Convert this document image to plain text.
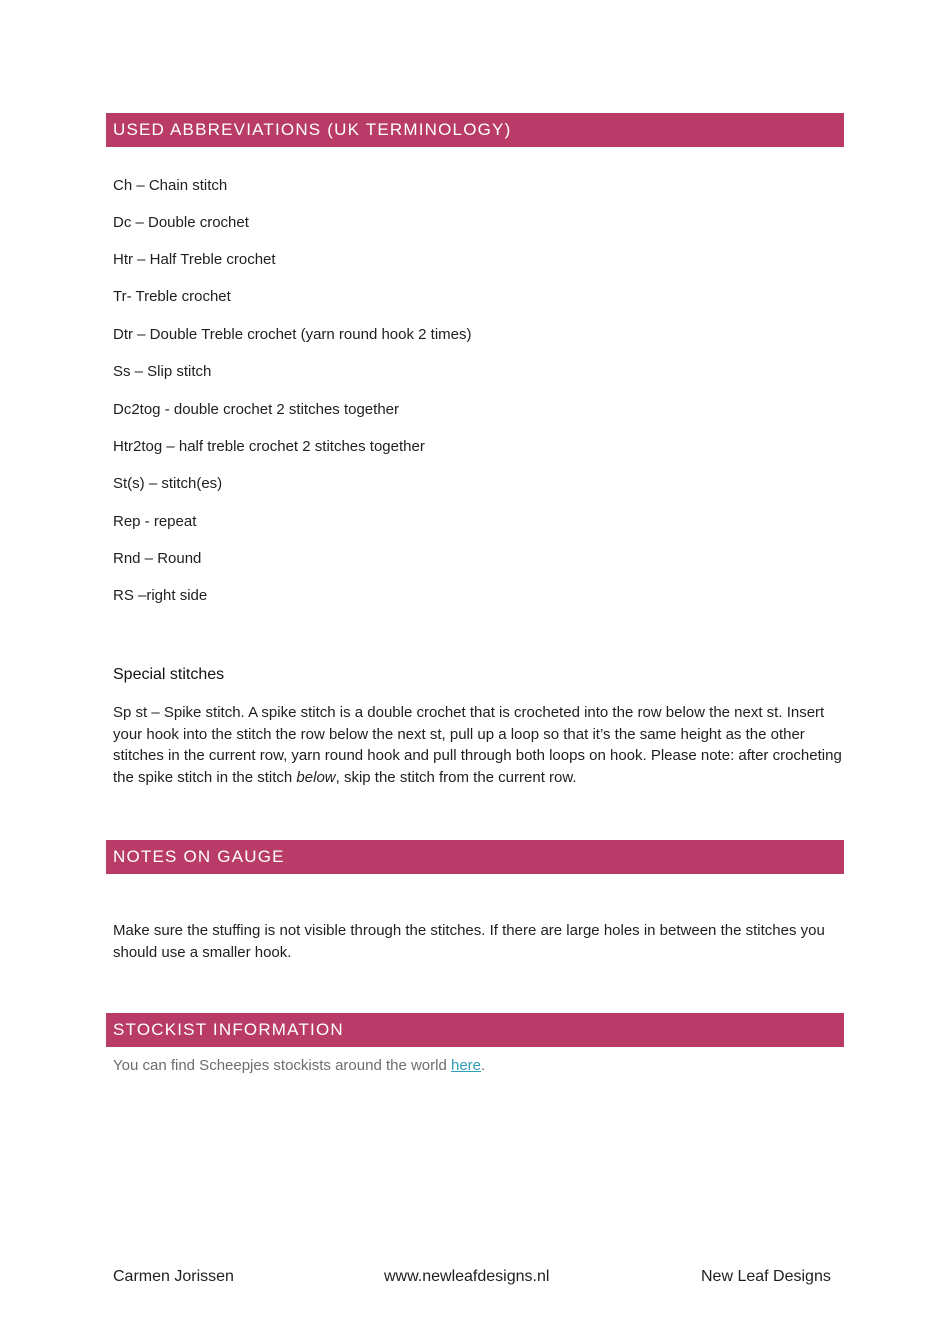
USED ABBREVIATIONS (UK TERMINOLOGY)
Ch – Chain stitch
Dc – Double crochet
Htr – Half Treble crochet
Tr- Treble crochet
Dtr – Double Treble crochet (yarn round hook 2 times)
Ss – Slip stitch
Dc2tog - double crochet 2 stitches together
Htr2tog – half treble crochet 2 stitches together
St(s) – stitch(es)
Rep - repeat
Rnd – Round
RS –right side
Special stitches
Sp st – Spike stitch. A spike stitch is a double crochet that is crocheted into the row below the next st. Insert your hook into the stitch the row below the next st, pull up a loop so that it’s the same height as the other stitches in the current row, yarn round hook and pull through both loops on hook. Please note: after crocheting the spike stitch in the stitch below, skip the stitch from the current row.
NOTES ON GAUGE
Make sure the stuffing is not visible through the stitches. If there are large holes in between the stitches you should use a smaller hook.
STOCKIST INFORMATION
You can find Scheepjes stockists around the world here.
Carmen Jorissen	www.newleafdesigns.nl	New Leaf Designs
